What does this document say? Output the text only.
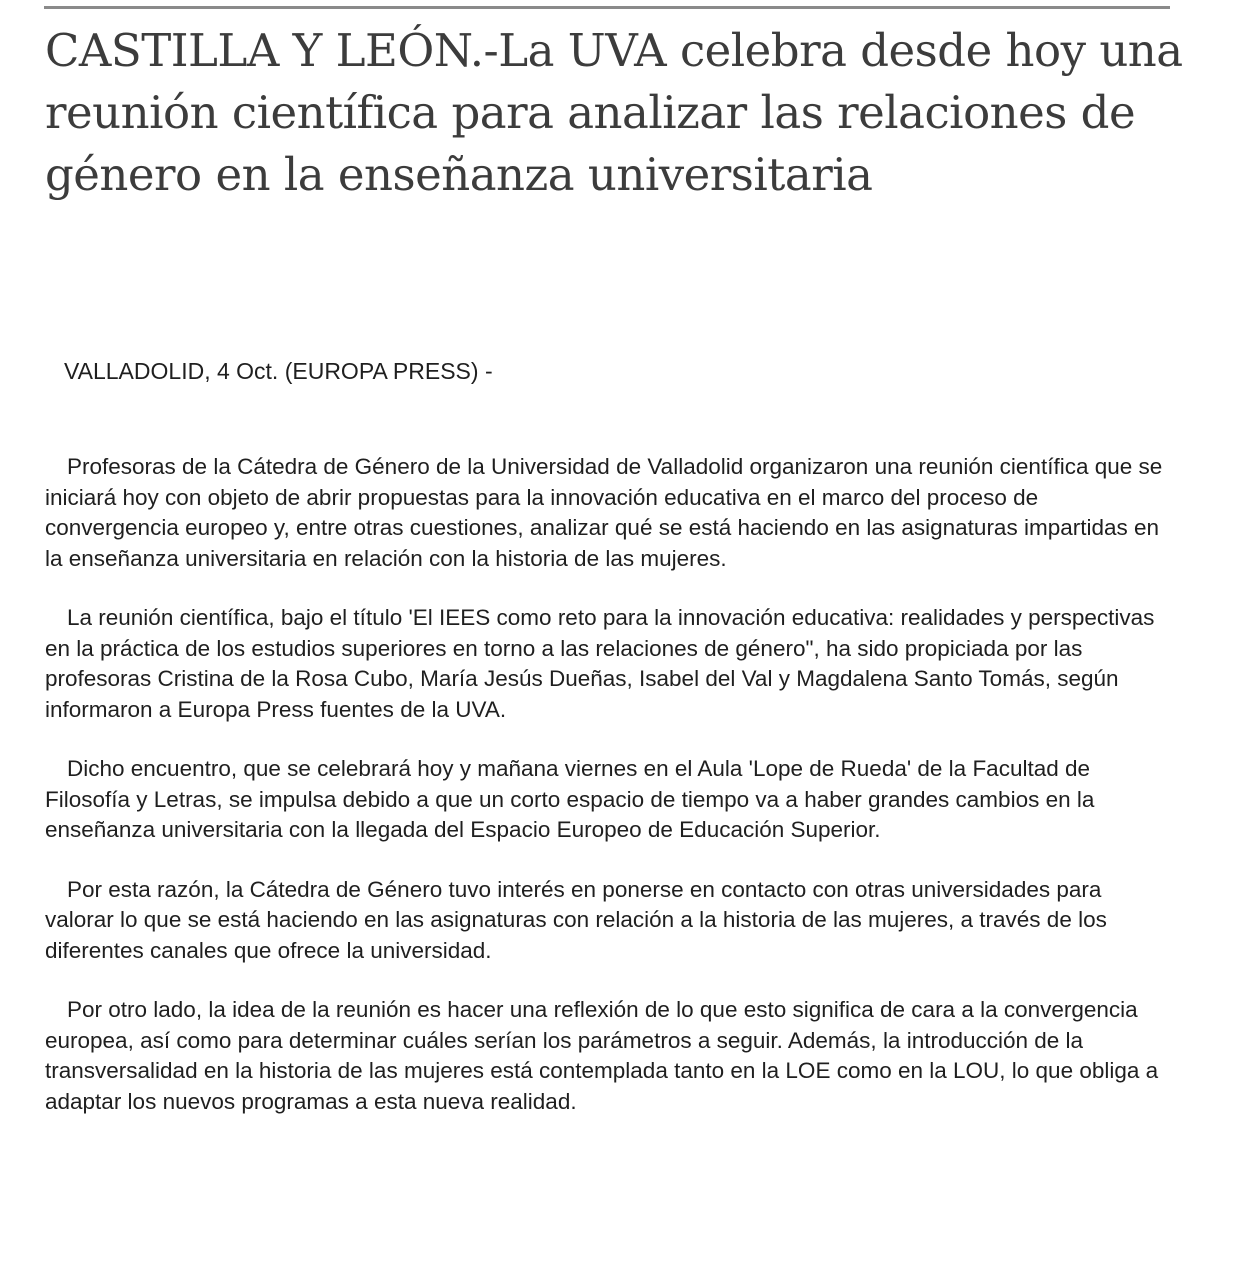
CASTILLA Y LEÓN.-La UVA celebra desde hoy una reunión científica para analizar las relaciones de género en la enseñanza universitaria

VALLADOLID, 4 Oct. (EUROPA PRESS) -

Profesoras de la Cátedra de Género de la Universidad de Valladolid organizaron una reunión científica que se iniciará hoy con objeto de abrir propuestas para la innovación educativa en el marco del proceso de convergencia europeo y, entre otras cuestiones, analizar qué se está haciendo en las asignaturas impartidas en la enseñanza universitaria en relación con la historia de las mujeres.

La reunión científica, bajo el título 'El IEES como reto para la innovación educativa: realidades y perspectivas en la práctica de los estudios superiores en torno a las relaciones de género", ha sido propiciada por las profesoras Cristina de la Rosa Cubo, María Jesús Dueñas, Isabel del Val y Magdalena Santo Tomás, según informaron a Europa Press fuentes de la UVA.

Dicho encuentro, que se celebrará hoy y mañana viernes en el Aula 'Lope de Rueda' de la Facultad de Filosofía y Letras, se impulsa debido a que un corto espacio de tiempo va a haber grandes cambios en la enseñanza universitaria con la llegada del Espacio Europeo de Educación Superior.

Por esta razón, la Cátedra de Género tuvo interés en ponerse en contacto con otras universidades para valorar lo que se está haciendo en las asignaturas con relación a la historia de las mujeres, a través de los diferentes canales que ofrece la universidad.

Por otro lado, la idea de la reunión es hacer una reflexión de lo que esto significa de cara a la convergencia europea, así como para determinar cuáles serían los parámetros a seguir. Además, la introducción de la transversalidad en la historia de las mujeres está contemplada tanto en la LOE como en la LOU, lo que obliga a adaptar los nuevos programas a esta nueva realidad.
